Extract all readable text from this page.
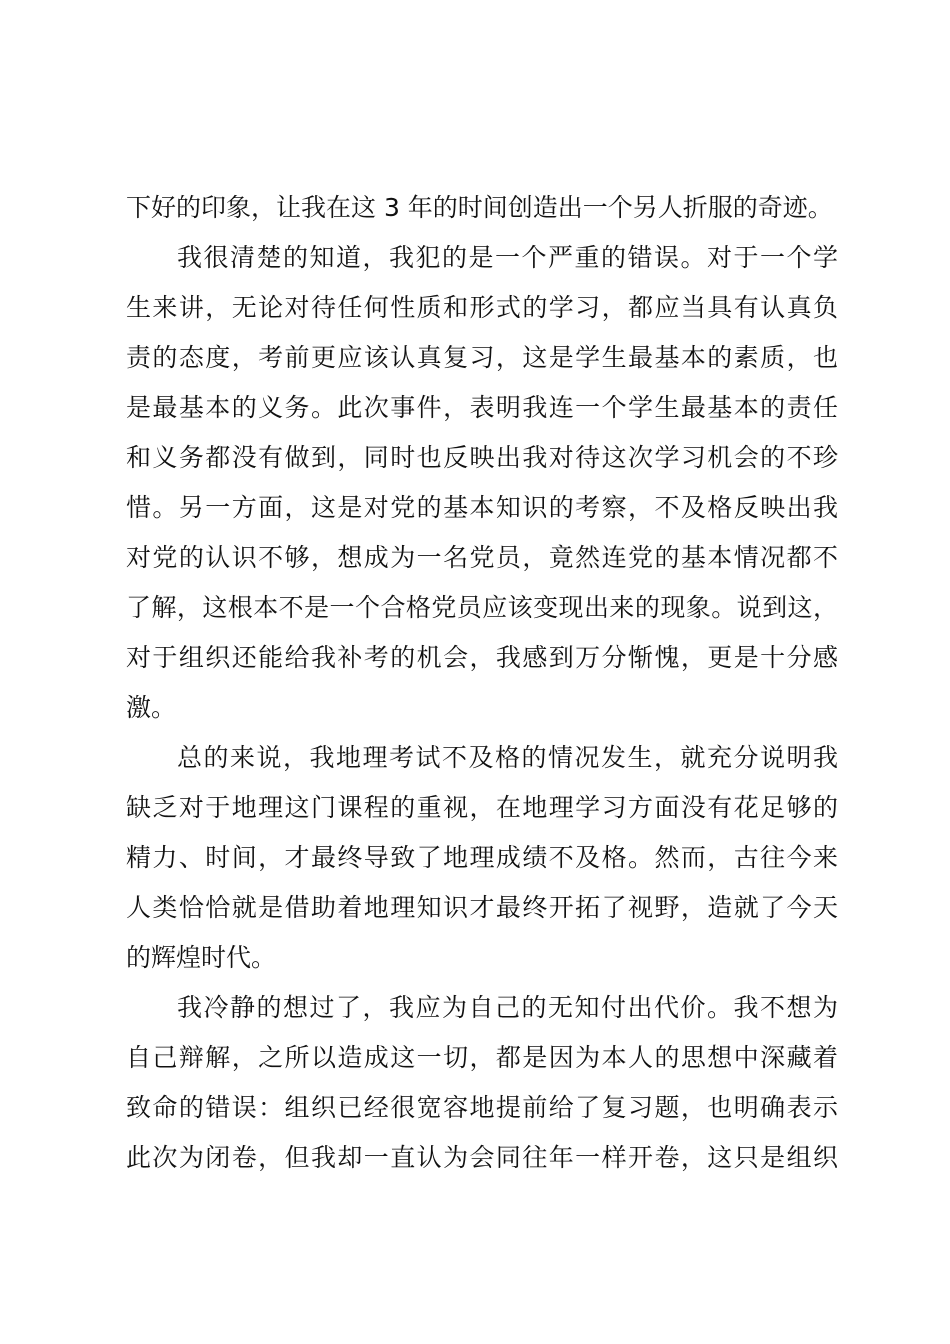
下好的印象，让我在这 3 年的时间创造出一个另人折服的奇迹。
我很清楚的知道，我犯的是一个严重的错误。对于一个学
生来讲，无论对待任何性质和形式的学习，都应当具有认真负
责的态度，考前更应该认真复习，这是学生最基本的素质，也
是最基本的义务。此次事件，表明我连一个学生最基本的责任
和义务都没有做到，同时也反映出我对待这次学习机会的不珍
惜。另一方面，这是对党的基本知识的考察，不及格反映出我
对党的认识不够，想成为一名党员，竟然连党的基本情况都不
了解，这根本不是一个合格党员应该变现出来的现象。说到这，
对于组织还能给我补考的机会，我感到万分惭愧，更是十分感
激。
总的来说，我地理考试不及格的情况发生，就充分说明我
缺乏对于地理这门课程的重视，在地理学习方面没有花足够的
精力、时间，才最终导致了地理成绩不及格。然而，古往今来
人类恰恰就是借助着地理知识才最终开拓了视野，造就了今天
的辉煌时代。
我冷静的想过了，我应为自己的无知付出代价。我不想为
自己辩解，之所以造成这一切，都是因为本人的思想中深藏着
致命的错误：组织已经很宽容地提前给了复习题，也明确表示
此次为闭卷，但我却一直认为会同往年一样开卷，这只是组织
